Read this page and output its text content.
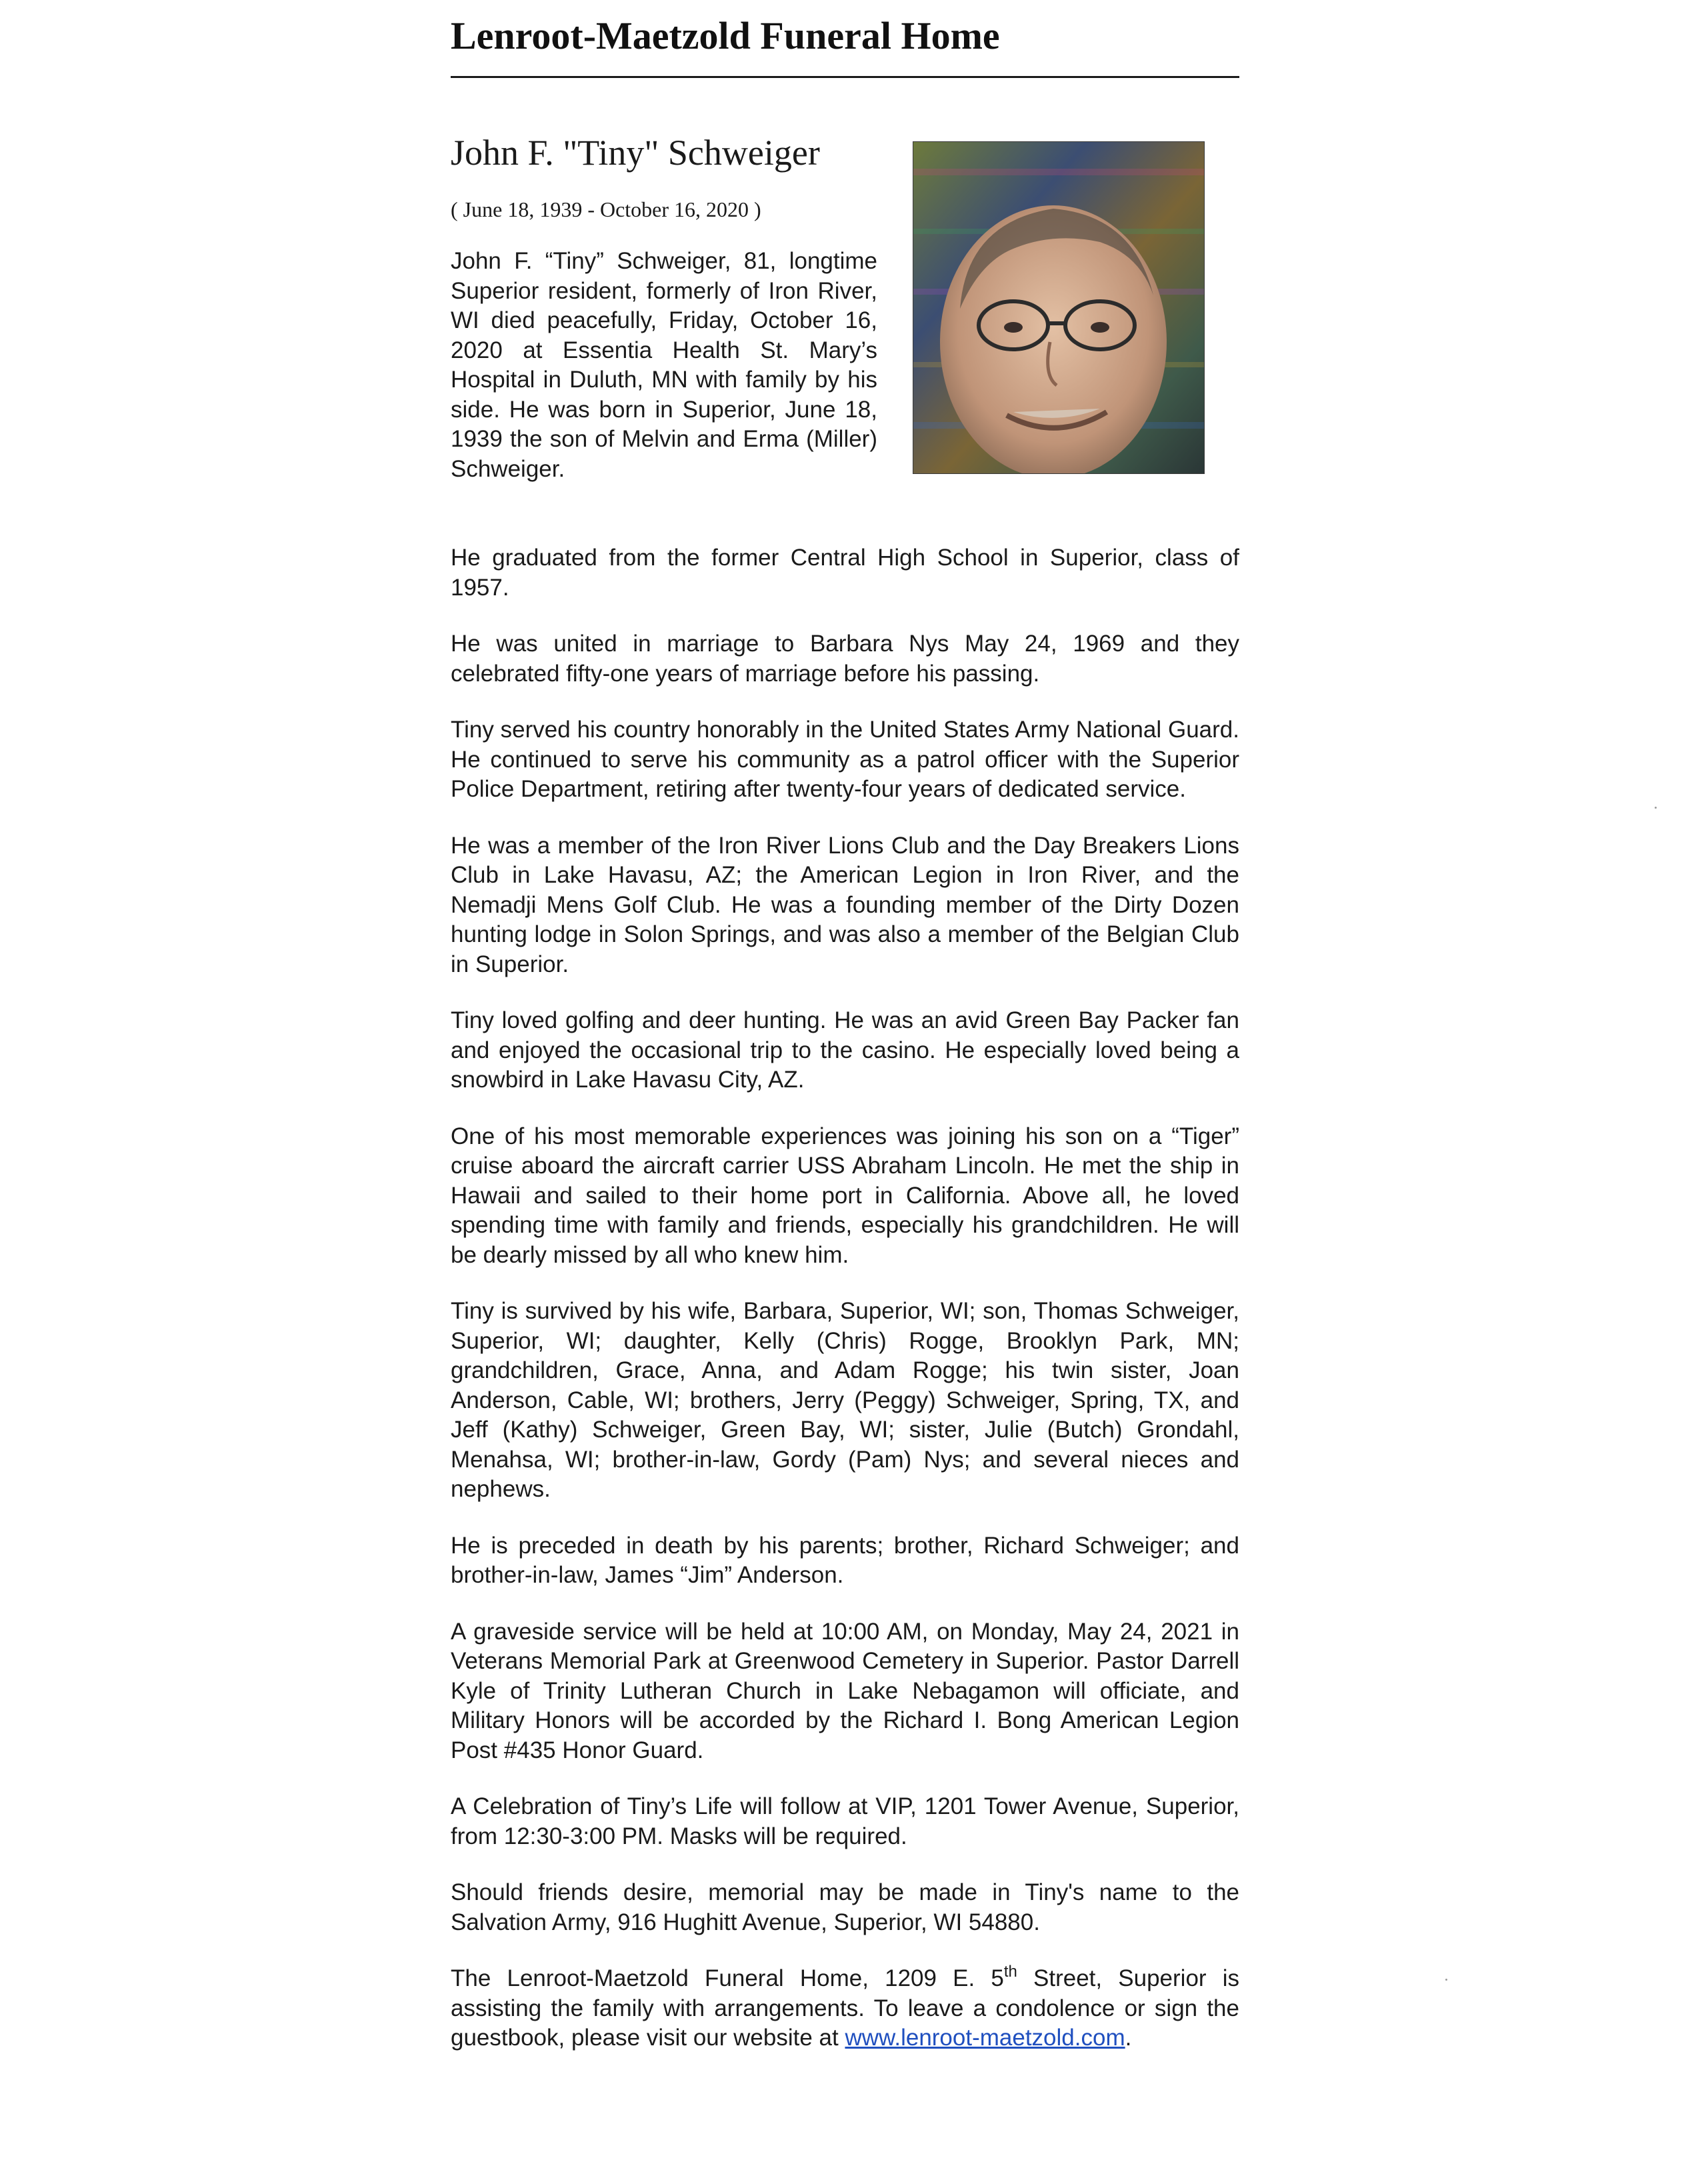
Lenroot-Maetzold Funeral Home
John F. "Tiny" Schweiger
( June 18, 1939 - October 16, 2020 )

John F. “Tiny” Schweiger, 81, longtime Superior resident, formerly of Iron River, WI died peacefully, Friday, October 16, 2020 at Essentia Health St. Mary’s Hospital in Duluth, MN with family by his side. He was born in Superior, June 18, 1939 the son of Melvin and Erma (Miller) Schweiger.

He graduated from the former Central High School in Superior, class of 1957.

He was united in marriage to Barbara Nys May 24, 1969 and they celebrated fifty-one years of marriage before his passing.

Tiny served his country honorably in the United States Army National Guard. He continued to serve his community as a patrol officer with the Superior Police Department, retiring after twenty-four years of dedicated service.

He was a member of the Iron River Lions Club and the Day Breakers Lions Club in Lake Havasu, AZ; the American Legion in Iron River, and the Nemadji Mens Golf Club. He was a founding member of the Dirty Dozen hunting lodge in Solon Springs, and was also a member of the Belgian Club in Superior.

Tiny loved golfing and deer hunting. He was an avid Green Bay Packer fan and enjoyed the occasional trip to the casino. He especially loved being a snowbird in Lake Havasu City, AZ.

One of his most memorable experiences was joining his son on a “Tiger” cruise aboard the aircraft carrier USS Abraham Lincoln. He met the ship in Hawaii and sailed to their home port in California. Above all, he loved spending time with family and friends, especially his grandchildren. He will be dearly missed by all who knew him.

Tiny is survived by his wife, Barbara, Superior, WI; son, Thomas Schweiger, Superior, WI; daughter, Kelly (Chris) Rogge, Brooklyn Park, MN; grandchildren, Grace, Anna, and Adam Rogge; his twin sister, Joan Anderson, Cable, WI; brothers, Jerry (Peggy) Schweiger, Spring, TX, and Jeff (Kathy) Schweiger, Green Bay, WI; sister, Julie (Butch) Grondahl, Menahsa, WI; brother-in-law, Gordy (Pam) Nys; and several nieces and nephews.

He is preceded in death by his parents; brother, Richard Schweiger; and brother-in-law, James “Jim” Anderson.

A graveside service will be held at 10:00 AM, on Monday, May 24, 2021 in Veterans Memorial Park at Greenwood Cemetery in Superior. Pastor Darrell Kyle of Trinity Lutheran Church in Lake Nebagamon will officiate, and Military Honors will be accorded by the Richard I. Bong American Legion Post #435 Honor Guard.

A Celebration of Tiny’s Life will follow at VIP, 1201 Tower Avenue, Superior, from 12:30-3:00 PM. Masks will be required.

Should friends desire, memorial may be made in Tiny's name to the Salvation Army, 916 Hughitt Avenue, Superior, WI 54880.

The Lenroot-Maetzold Funeral Home, 1209 E. 5th Street, Superior is assisting the family with arrangements. To leave a condolence or sign the guestbook, please visit our website at www.lenroot-maetzold.com.
